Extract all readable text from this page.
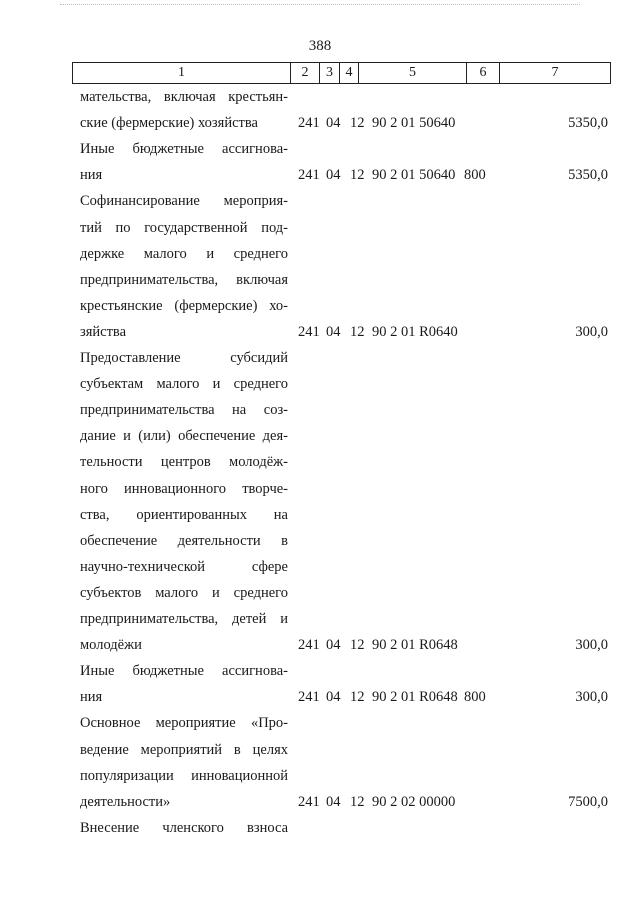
388
1	2	3 4	5	6	7
мательства, включая крестьян-
ские (фермерские) хозяйства	241 04 12 90 2 01 50640	5350,0
Иные бюджетные ассигнова-
ния	241 04 12 90 2 01 50640 800	5350,0
Софинансирование мероприя-
тий по государственной под-
держке малого и среднего
предпринимательства, включая
крестьянские (фермерские) хо-
зяйства	241 04 12 90 2 01 R0640	300,0
Предоставление субсидий
субъектам малого и среднего
предпринимательства на соз-
дание и (или) обеспечение дея-
тельности центров молодёж-
ного инновационного творче-
ства, ориентированных на
обеспечение деятельности в
научно-технической сфере
субъектов малого и среднего
предпринимательства, детей и
молодёжи	241 04 12 90 2 01 R0648	300,0
Иные бюджетные ассигнова-
ния	241 04 12 90 2 01 R0648 800	300,0
Основное мероприятие «Про-
ведение мероприятий в целях
популяризации инновационной
деятельности»	241 04 12 90 2 02 00000	7500,0
Внесение членского взноса
